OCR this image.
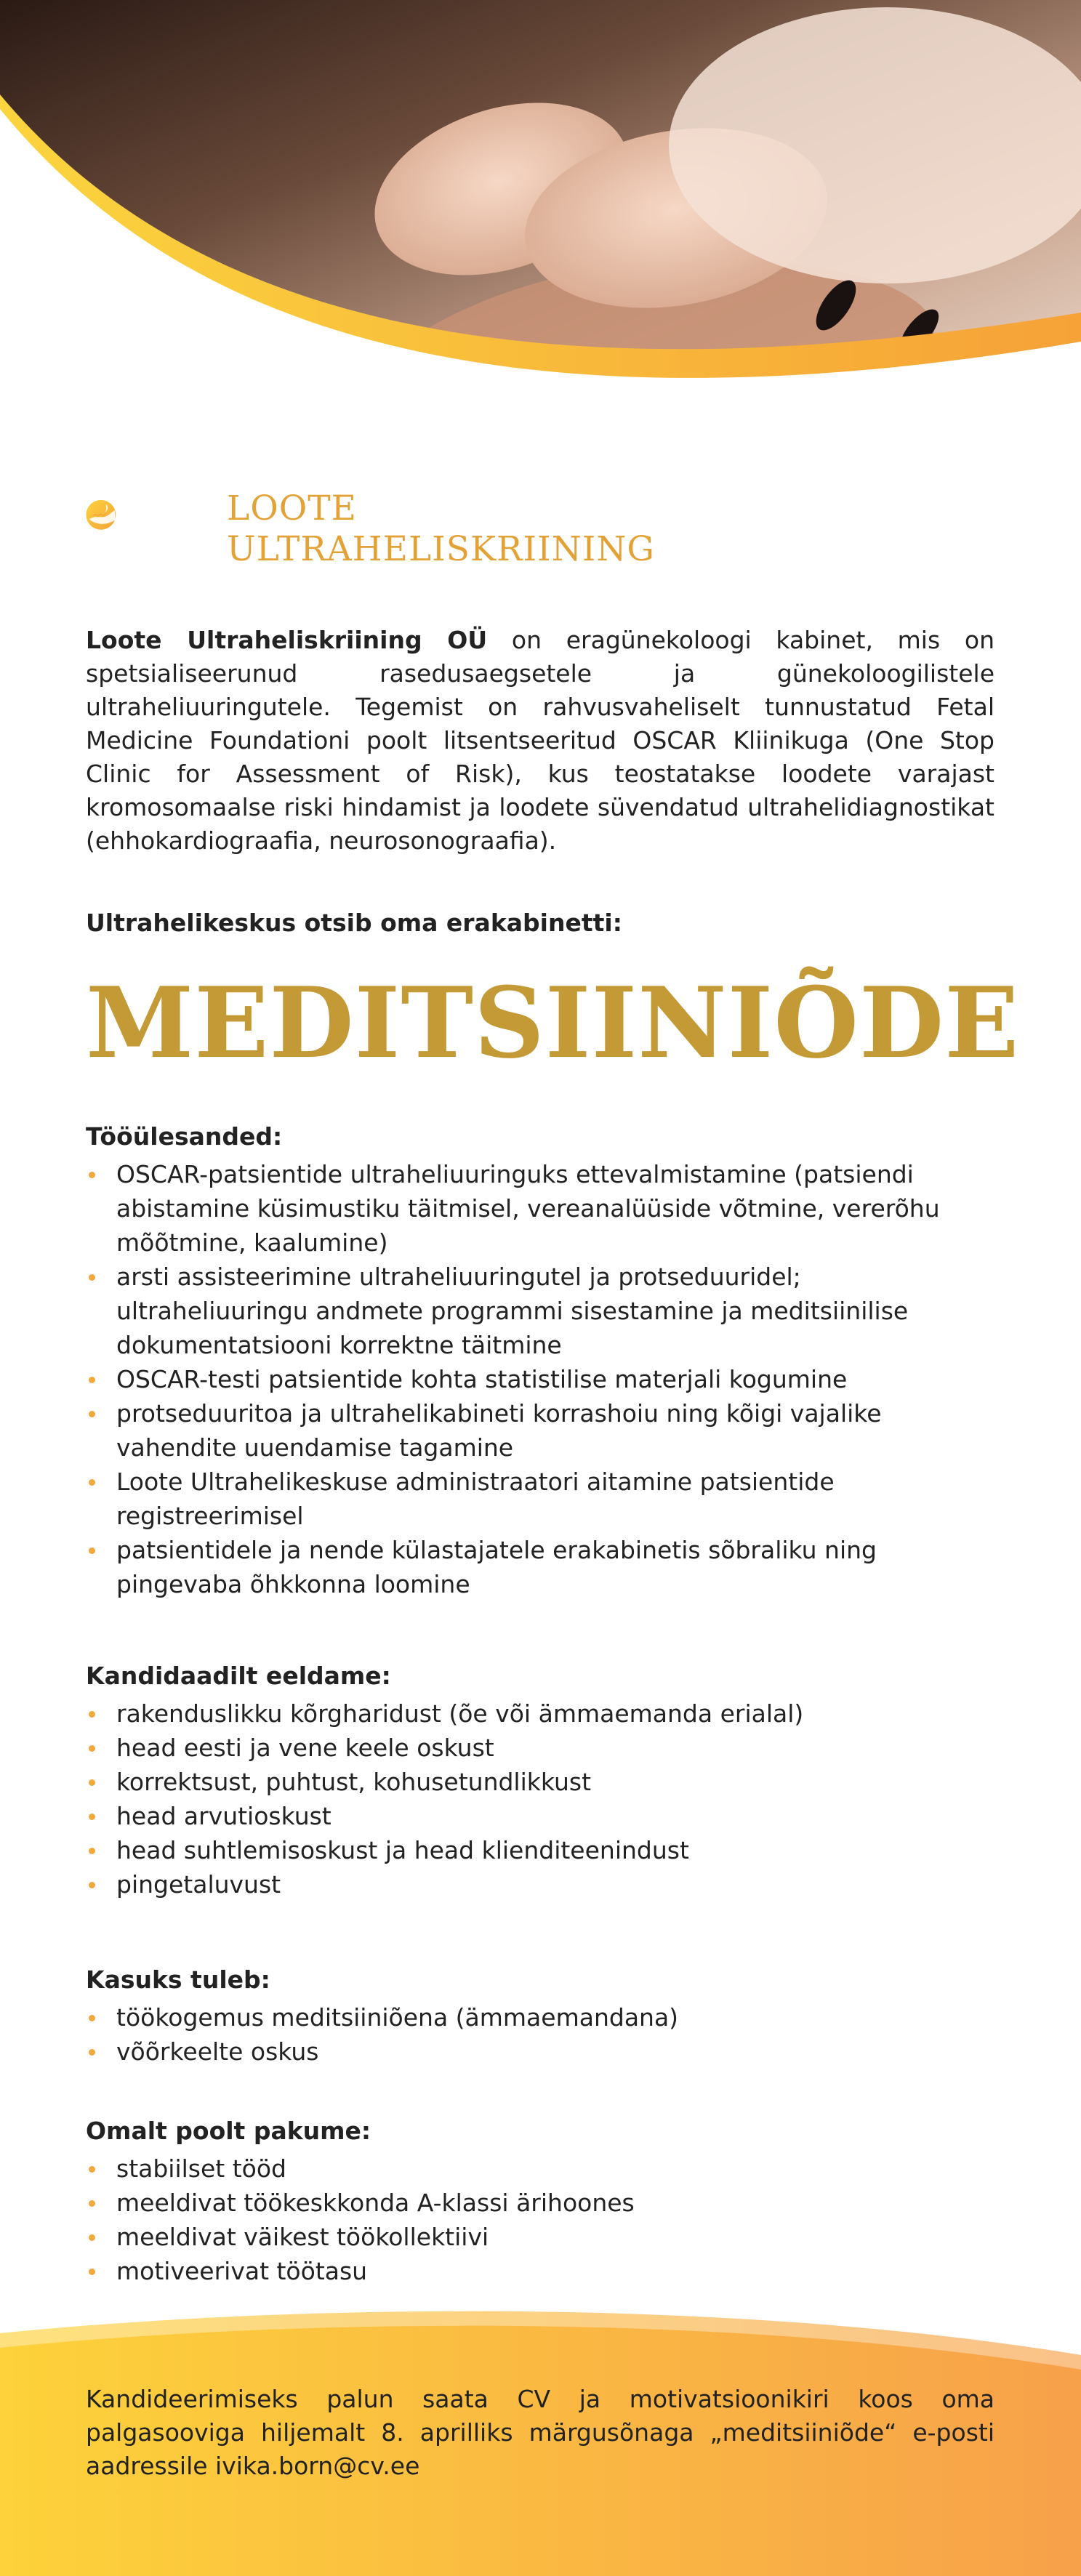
LOOTE
ULTRAHELISKRIINING

Loote Ultraheliskriining OÜ on eragünekoloogi kabinet, mis on spetsialiseerunud rasedusaegsetele ja günekoloogilistele ultraheliuuringutele. Tegemist on rahvusvaheliselt tunnustatud Fetal Medicine Foundationi poolt litsentseeritud OSCAR Kliinikuga (One Stop Clinic for Assessment of Risk), kus teostatakse loodete varajast kromosomaalse riski hindamist ja loodete süvendatud ultrahelidiagnostikat (ehhokardiograafia, neurosonograafia).

Ultrahelikeskus otsib oma erakabinetti:

MEDITSIINIÕDE
Tööülesanded:
OSCAR-patsientide ultraheliuuringuks ettevalmistamine (patsiendi abistamine küsimustiku täitmisel, vereanalüüside võtmine, vererõhu mõõtmine, kaalumine)
arsti assisteerimine ultraheliuuringutel ja protseduuridel; ultraheliuuringu andmete programmi sisestamine ja meditsiinilise dokumentatsiooni korrektne täitmine
OSCAR-testi patsientide kohta statistilise materjali kogumine
protseduuritoa ja ultrahelikabineti korrashoiu ning kõigi vajalike vahendite uuendamise tagamine
Loote Ultrahelikeskuse administraatori aitamine patsientide registreerimisel
patsientidele ja nende külastajatele erakabinetis sõbraliku ning pingevaba õhkkonna loomine
Kandidaadilt eeldame:
rakenduslikku kõrgharidust (õe või ämmaemanda erialal)
head eesti ja vene keele oskust
korrektsust, puhtust, kohusetundlikkust
head arvutioskust
head suhtlemisoskust ja head klienditeenindust
pingetaluvust
Kasuks tuleb:
töökogemus meditsiiniõena (ämmaemandana)
võõrkeelte oskus
Omalt poolt pakume:
stabiilset tööd
meeldivat töökeskkonda A-klassi ärihoones
meeldivat väikest töökollektiivi
motiveerivat töötasu

Kandideerimiseks palun saata CV ja motivatsioonikiri koos oma palgasooviga hiljemalt 8. aprilliks märgusõnaga „meditsiiniõde“ e-posti aadressile ivika.born@cv.ee
